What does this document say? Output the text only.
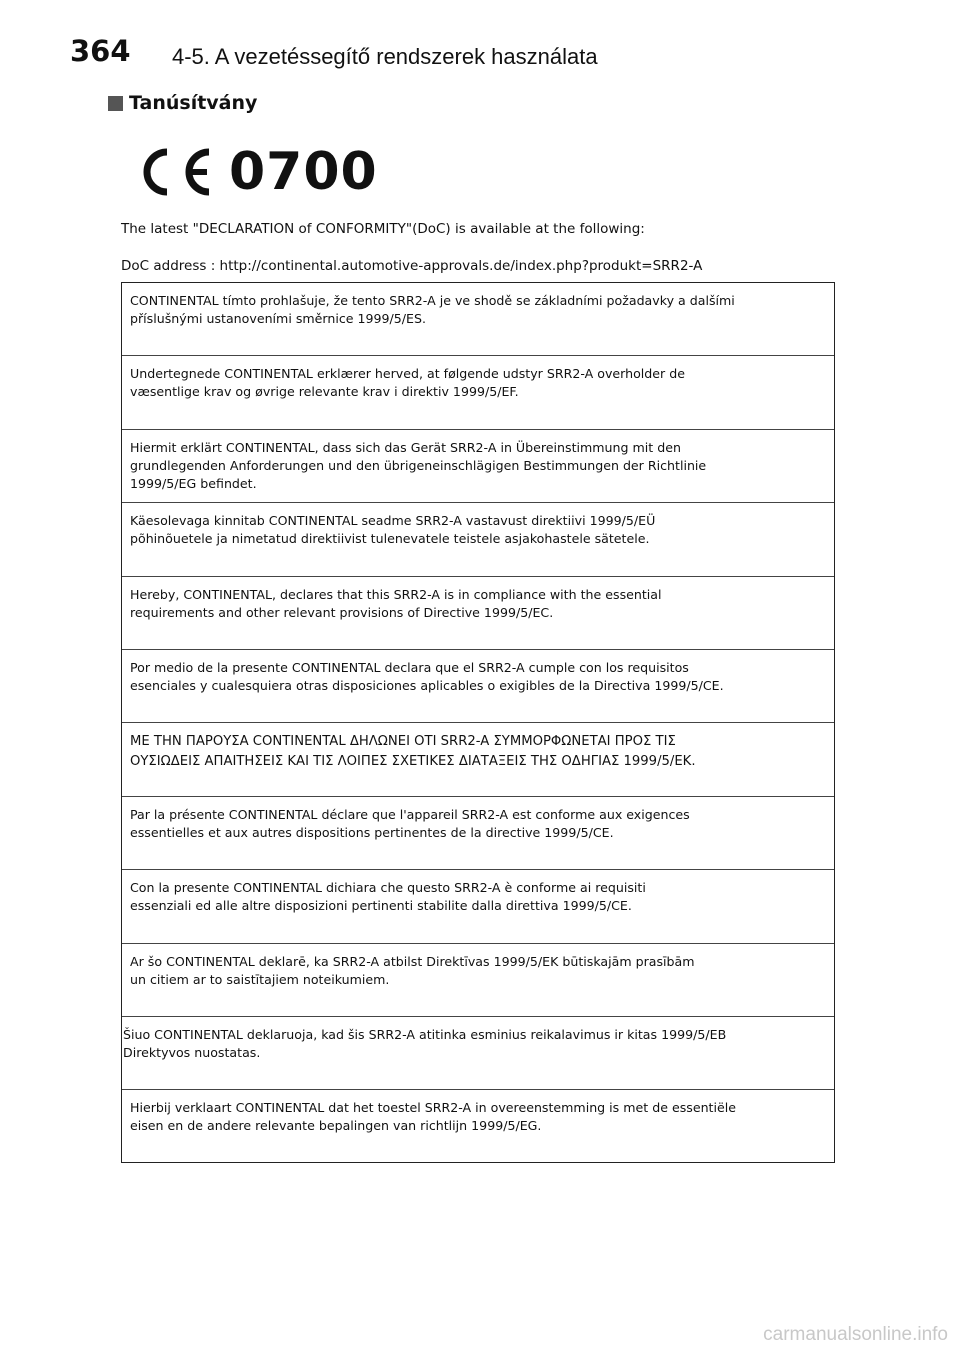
364 4-5. A vezetéssegítő rendszerek használata
Tanúsítvány
0700
The latest "DECLARATION of CONFORMITY"(DoC) is available at the following:
DoC address : http://continental.automotive-approvals.de/index.php?produkt=SRR2-A
CONTINENTAL tímto prohlašuje, že tento SRR2-A je ve shodě se základními požadavky a dalšími
příslušnými ustanoveními směrnice 1999/5/ES.
Undertegnede CONTINENTAL erklærer herved, at følgende udstyr SRR2-A overholder de
væsentlige krav og øvrige relevante krav i direktiv 1999/5/EF.
Hiermit erklärt CONTINENTAL, dass sich das Gerät SRR2-A in Übereinstimmung mit den
grundlegenden Anforderungen und den übrigeneinschlägigen Bestimmungen der Richtlinie
1999/5/EG befindet.
Käesolevaga kinnitab CONTINENTAL seadme SRR2-A vastavust direktiivi 1999/5/EÜ
põhinõuetele ja nimetatud direktiivist tulenevatele teistele asjakohastele sätetele.
Hereby, CONTINENTAL, declares that this SRR2-A is in compliance with the essential
requirements and other relevant provisions of Directive 1999/5/EC.
Por medio de la presente CONTINENTAL declara que el SRR2-A cumple con los requisitos
esenciales y cualesquiera otras disposiciones aplicables o exigibles de la Directiva 1999/5/CE.
ΜΕ ΤΗΝ ΠΑΡΟΥΣΑ CONTINENTAL ΔΗΛΩΝΕΙ ΟΤΙ SRR2-A ΣΥΜΜΟΡΦΩΝΕΤΑΙ ΠΡΟΣ ΤΙΣ
ΟΥΣΙΩΔΕΙΣ ΑΠΑΙΤΗΣΕΙΣ ΚΑΙ ΤΙΣ ΛΟΙΠΕΣ ΣΧΕΤΙΚΕΣ ΔΙΑΤΑΞΕΙΣ ΤΗΣ ΟΔΗΓΙΑΣ 1999/5/ΕΚ.
Par la présente CONTINENTAL déclare que l'appareil SRR2-A est conforme aux exigences
essentielles et aux autres dispositions pertinentes de la directive 1999/5/CE.
Con la presente CONTINENTAL dichiara che questo SRR2-A è conforme ai requisiti
essenziali ed alle altre disposizioni pertinenti stabilite dalla direttiva 1999/5/CE.
Ar šo CONTINENTAL deklarē, ka SRR2-A atbilst Direktīvas 1999/5/EK būtiskajām prasībām
un citiem ar to saistītajiem noteikumiem.
Šiuo CONTINENTAL deklaruoja, kad šis SRR2-A atitinka esminius reikalavimus ir kitas 1999/5/EB
Direktyvos nuostatas.
Hierbij verklaart CONTINENTAL dat het toestel SRR2-A in overeenstemming is met de essentiële
eisen en de andere relevante bepalingen van richtlijn 1999/5/EG.
carmanualsonline.info
